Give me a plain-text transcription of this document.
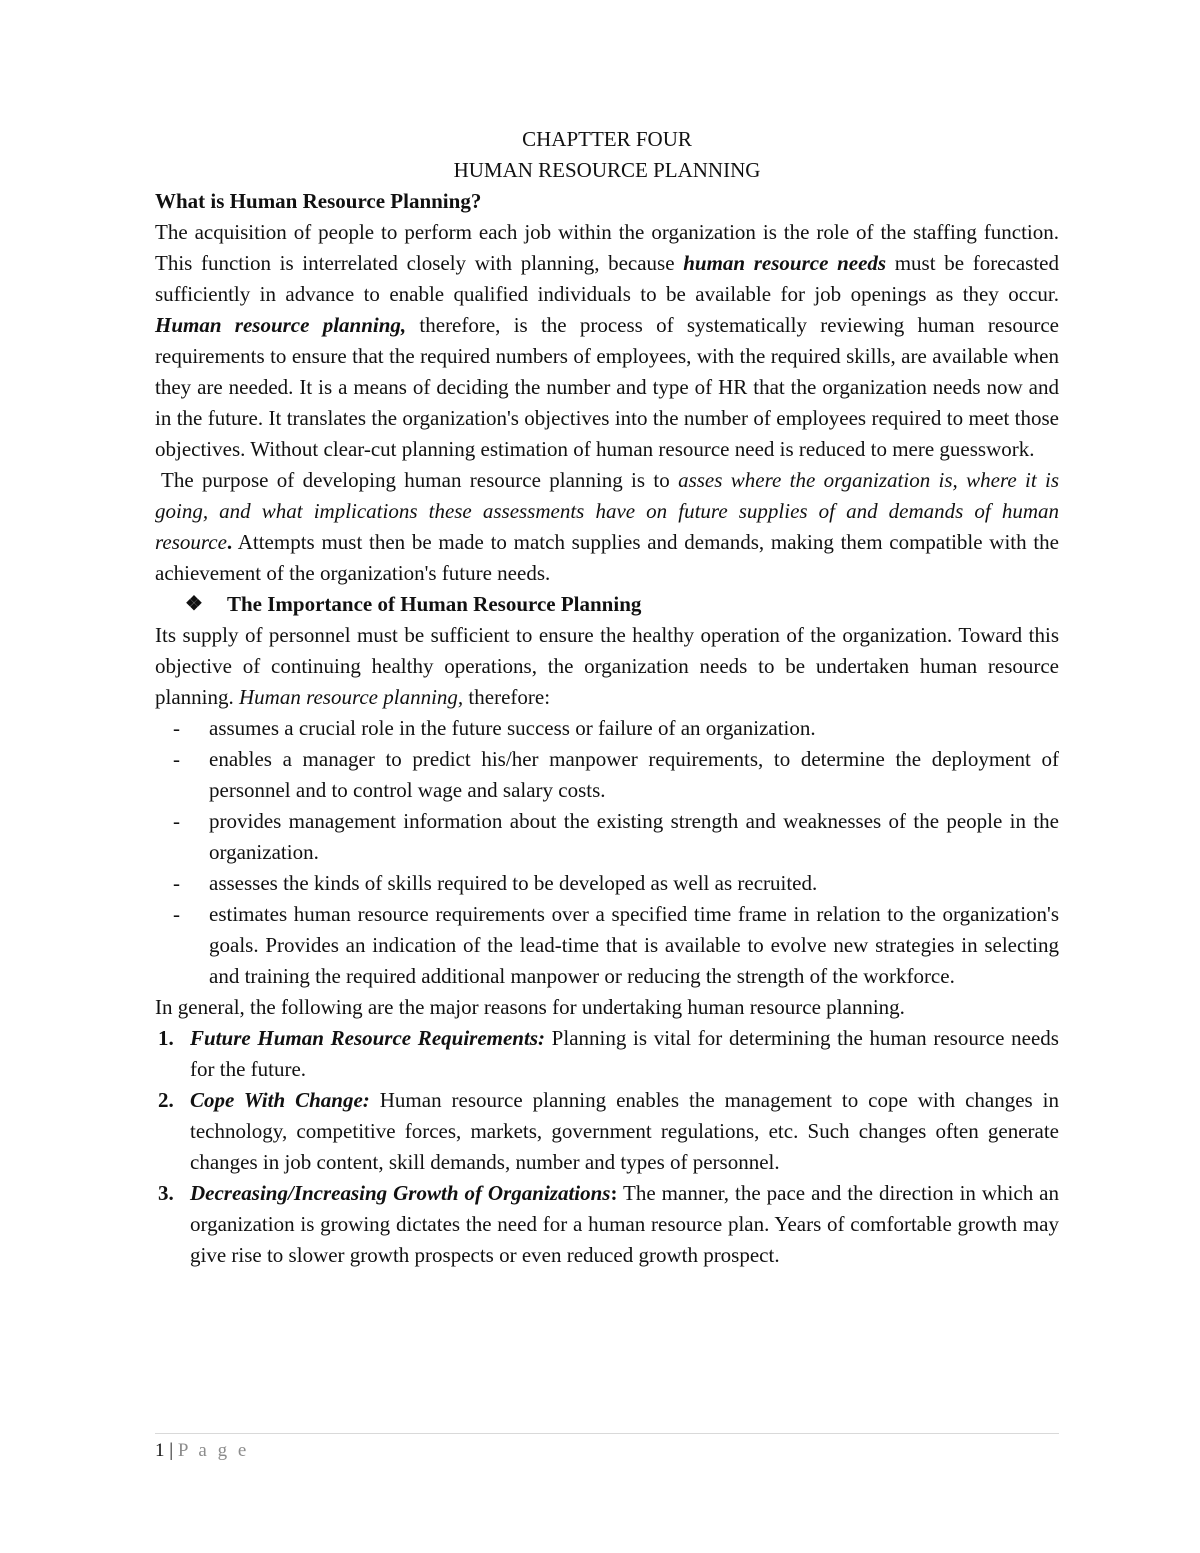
CHAPTTER FOUR
HUMAN RESOURCE PLANNING
What is Human Resource Planning?

The acquisition of people to perform each job within the organization is the role of the staffing function. This function is interrelated closely with planning, because human resource needs must be forecasted sufficiently in advance to enable qualified individuals to be available for job openings as they occur. Human resource planning, therefore, is the process of systematically reviewing human resource requirements to ensure that the required numbers of employees, with the required skills, are available when they are needed. It is a means of deciding the number and type of HR that the organization needs now and in the future. It translates the organization's objectives into the number of employees required to meet those objectives. Without clear-cut planning estimation of human resource need is reduced to mere guesswork.

The purpose of developing human resource planning is to asses where the organization is, where it is going, and what implications these assessments have on future supplies of and demands of human resource. Attempts must then be made to match supplies and demands, making them compatible with the achievement of the organization's future needs.

❖ The Importance of Human Resource Planning

Its supply of personnel must be sufficient to ensure the healthy operation of the organization. Toward this objective of continuing healthy operations, the organization needs to be undertaken human resource planning. Human resource planning, therefore:

- assumes a crucial role in the future success or failure of an organization.
- enables a manager to predict his/her manpower requirements, to determine the deployment of personnel and to control wage and salary costs.
- provides management information about the existing strength and weaknesses of the people in the organization.
- assesses the kinds of skills required to be developed as well as recruited.
- estimates human resource requirements over a specified time frame in relation to the organization's goals. Provides an indication of the lead-time that is available to evolve new strategies in selecting and training the required additional manpower or reducing the strength of the workforce.

In general, the following are the major reasons for undertaking human resource planning.

1. Future Human Resource Requirements: Planning is vital for determining the human resource needs for the future.
2. Cope With Change: Human resource planning enables the management to cope with changes in technology, competitive forces, markets, government regulations, etc. Such changes often generate changes in job content, skill demands, number and types of personnel.
3. Decreasing/Increasing Growth of Organizations: The manner, the pace and the direction in which an organization is growing dictates the need for a human resource plan. Years of comfortable growth may give rise to slower growth prospects or even reduced growth prospect.
1 | P a g e
